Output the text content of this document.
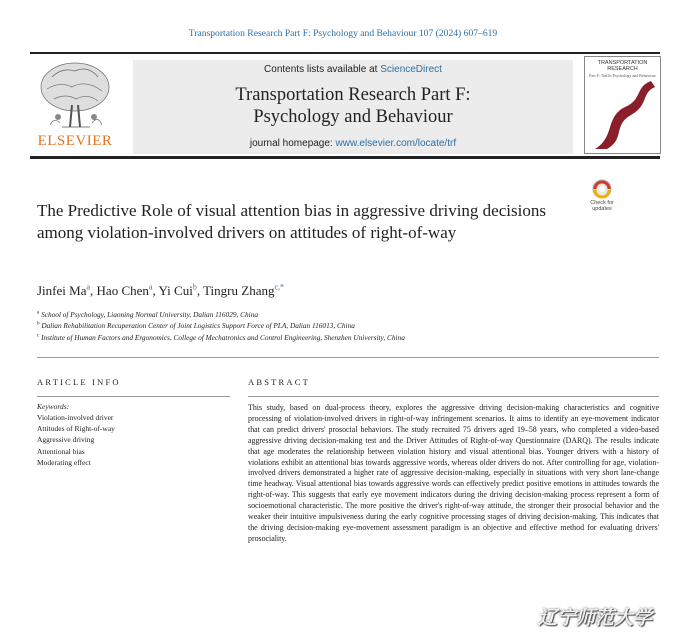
Transportation Research Part F: Psychology and Behaviour 107 (2024) 607–619
ELSEVIER
Contents lists available at ScienceDirect
Transportation Research Part F:
Psychology and Behaviour
journal homepage: www.elsevier.com/locate/trf
TRANSPORTATION RESEARCH
Part F: Traffic Psychology and Behaviour
Check for
updates
The Predictive Role of visual attention bias in aggressive driving decisions among violation-involved drivers on attitudes of right-of-way
Jinfei Ma$^a$, Hao Chen$^a$, Yi Cui$^b$, Tingru Zhang$^{c,*}$
$^a$ School of Psychology, Liaoning Normal University, Dalian 116029, China
$^b$ Dalian Rehabilitation Recuperation Center of Joint Logistics Support Force of PLA, Dalian 116013, China
$^c$ Institute of Human Factors and Ergonomics, College of Mechatronics and Control Engineering, Shenzhen University, China
ARTICLE INFO
Keywords:
Violation-involved driver
Attitudes of Right-of-way
Aggressive driving
Attentional bias
Moderating effect
ABSTRACT
This study, based on dual-process theory, explores the aggressive driving decision-making characteristics and cognitive processing of violation-involved drivers in right-of-way infringement scenarios. It aims to identify an eye-movement indicator that can predict drivers' prosocial behaviors. The study recruited 75 drivers aged 19–58 years, who completed a video-based aggressive driving decision-making test and the Driver Attitudes of Right-of-way Questionnaire (DARQ). The results indicate that age moderates the relationship between violation history and visual attentional bias. Younger drivers with a history of violations exhibit an attentional bias towards aggressive words, whereas older drivers do not. After controlling for age, violation-involved drivers demonstrated a higher rate of aggressive decision-making, especially in situations with very short lane-change time headway. Visual attentional bias towards aggressive words can effectively predict positive emotions in attitudes towards the right-of-way. This suggests that early eye movement indicators during the driving decision-making process represent a form of socioemotional characteristic. The more positive the driver's right-of-way attitude, the stronger their prosocial behavior and the weaker their intuitive impulsiveness during the early cognitive processing stages of driving decision-making. This indicates that the driving decision-making eye-movement assessment paradigm is an objective and effective method for evaluating drivers' prosociality.
辽宁师范大学
